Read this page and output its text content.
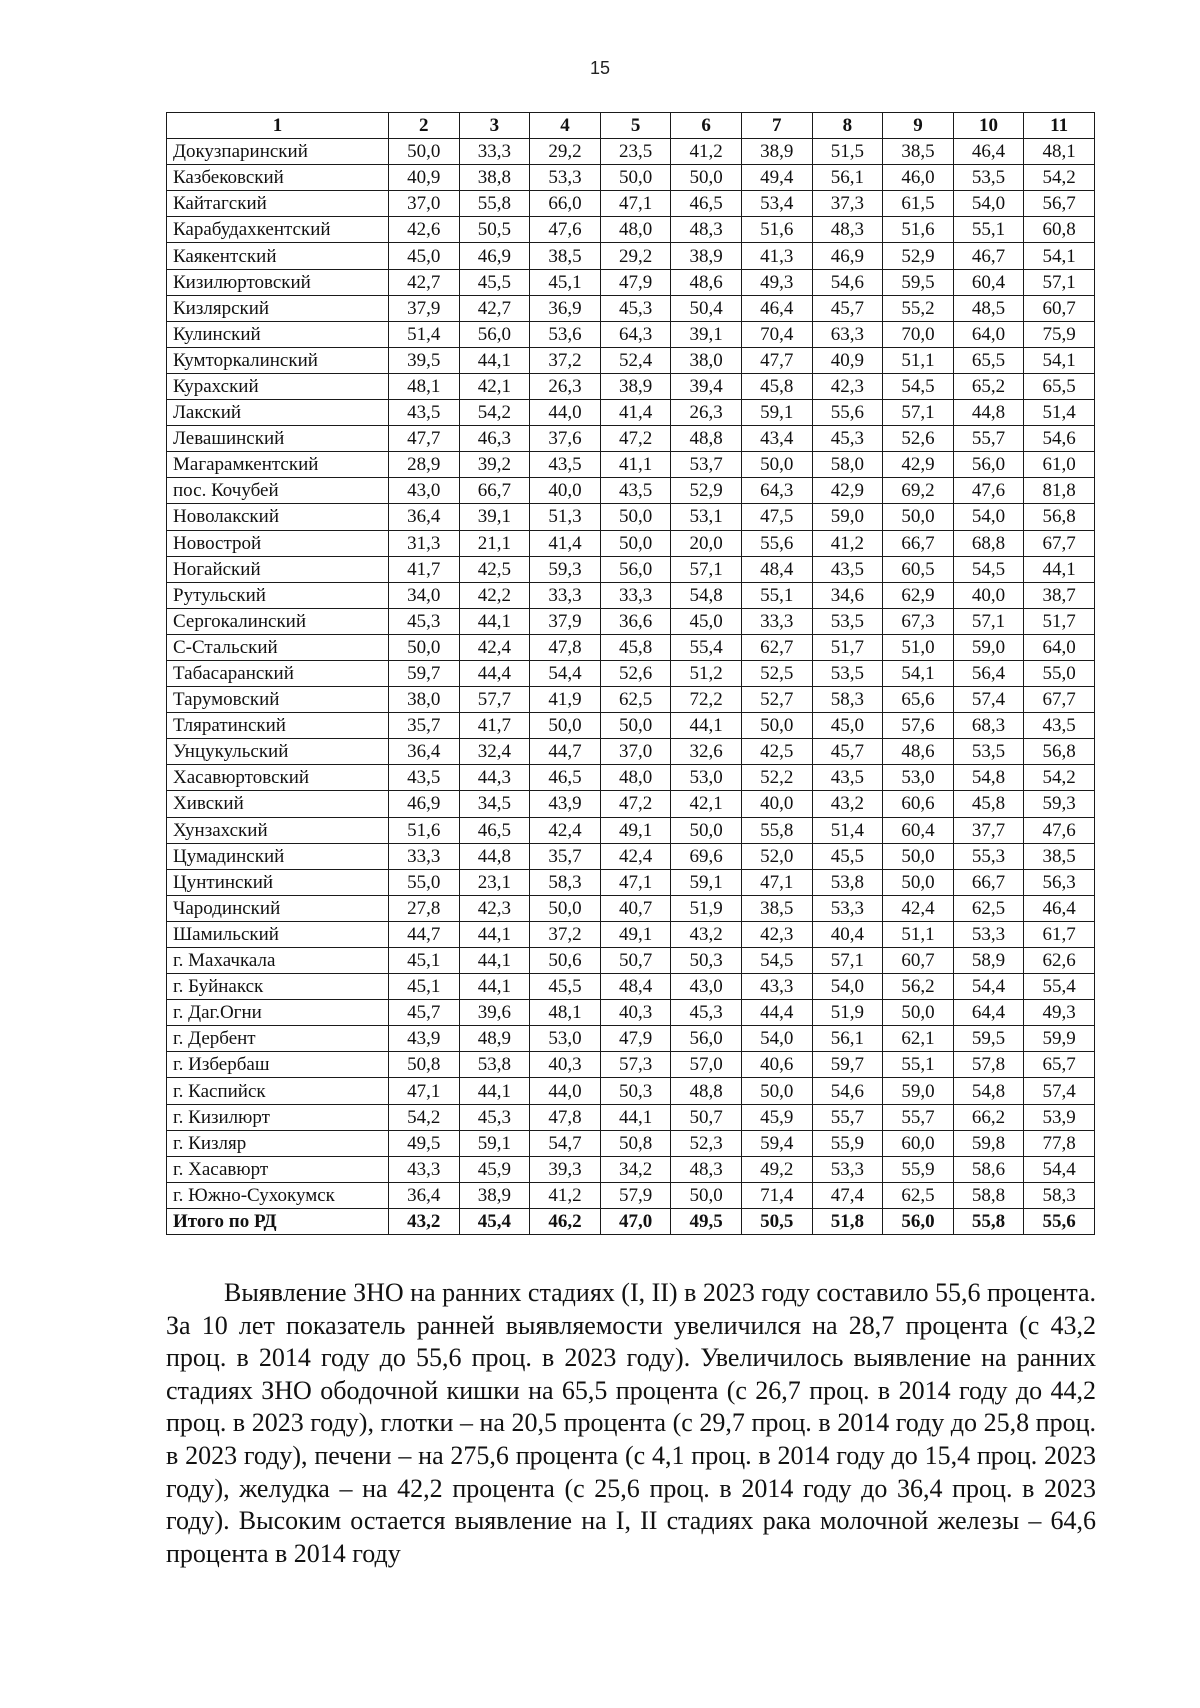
15
1	2	3	4	5	6	7	8	9	10	11
Докузпаринский	50,0	33,3	29,2	23,5	41,2	38,9	51,5	38,5	46,4	48,1
Казбековский	40,9	38,8	53,3	50,0	50,0	49,4	56,1	46,0	53,5	54,2
Кайтагский	37,0	55,8	66,0	47,1	46,5	53,4	37,3	61,5	54,0	56,7
Карабудахкентский	42,6	50,5	47,6	48,0	48,3	51,6	48,3	51,6	55,1	60,8
Каякентский	45,0	46,9	38,5	29,2	38,9	41,3	46,9	52,9	46,7	54,1
Кизилюртовский	42,7	45,5	45,1	47,9	48,6	49,3	54,6	59,5	60,4	57,1
Кизлярский	37,9	42,7	36,9	45,3	50,4	46,4	45,7	55,2	48,5	60,7
Кулинский	51,4	56,0	53,6	64,3	39,1	70,4	63,3	70,0	64,0	75,9
Кумторкалинский	39,5	44,1	37,2	52,4	38,0	47,7	40,9	51,1	65,5	54,1
Курахский	48,1	42,1	26,3	38,9	39,4	45,8	42,3	54,5	65,2	65,5
Лакский	43,5	54,2	44,0	41,4	26,3	59,1	55,6	57,1	44,8	51,4
Левашинский	47,7	46,3	37,6	47,2	48,8	43,4	45,3	52,6	55,7	54,6
Магарамкентский	28,9	39,2	43,5	41,1	53,7	50,0	58,0	42,9	56,0	61,0
пос. Кочубей	43,0	66,7	40,0	43,5	52,9	64,3	42,9	69,2	47,6	81,8
Новолакский	36,4	39,1	51,3	50,0	53,1	47,5	59,0	50,0	54,0	56,8
Новострой	31,3	21,1	41,4	50,0	20,0	55,6	41,2	66,7	68,8	67,7
Ногайский	41,7	42,5	59,3	56,0	57,1	48,4	43,5	60,5	54,5	44,1
Рутульский	34,0	42,2	33,3	33,3	54,8	55,1	34,6	62,9	40,0	38,7
Сергокалинский	45,3	44,1	37,9	36,6	45,0	33,3	53,5	67,3	57,1	51,7
С-Стальский	50,0	42,4	47,8	45,8	55,4	62,7	51,7	51,0	59,0	64,0
Табасаранский	59,7	44,4	54,4	52,6	51,2	52,5	53,5	54,1	56,4	55,0
Тарумовский	38,0	57,7	41,9	62,5	72,2	52,7	58,3	65,6	57,4	67,7
Тляратинский	35,7	41,7	50,0	50,0	44,1	50,0	45,0	57,6	68,3	43,5
Унцукульский	36,4	32,4	44,7	37,0	32,6	42,5	45,7	48,6	53,5	56,8
Хасавюртовский	43,5	44,3	46,5	48,0	53,0	52,2	43,5	53,0	54,8	54,2
Хивский	46,9	34,5	43,9	47,2	42,1	40,0	43,2	60,6	45,8	59,3
Хунзахский	51,6	46,5	42,4	49,1	50,0	55,8	51,4	60,4	37,7	47,6
Цумадинский	33,3	44,8	35,7	42,4	69,6	52,0	45,5	50,0	55,3	38,5
Цунтинский	55,0	23,1	58,3	47,1	59,1	47,1	53,8	50,0	66,7	56,3
Чародинский	27,8	42,3	50,0	40,7	51,9	38,5	53,3	42,4	62,5	46,4
Шамильский	44,7	44,1	37,2	49,1	43,2	42,3	40,4	51,1	53,3	61,7
г. Махачкала	45,1	44,1	50,6	50,7	50,3	54,5	57,1	60,7	58,9	62,6
г. Буйнакск	45,1	44,1	45,5	48,4	43,0	43,3	54,0	56,2	54,4	55,4
г. Даг.Огни	45,7	39,6	48,1	40,3	45,3	44,4	51,9	50,0	64,4	49,3
г. Дербент	43,9	48,9	53,0	47,9	56,0	54,0	56,1	62,1	59,5	59,9
г. Избербаш	50,8	53,8	40,3	57,3	57,0	40,6	59,7	55,1	57,8	65,7
г. Каспийск	47,1	44,1	44,0	50,3	48,8	50,0	54,6	59,0	54,8	57,4
г. Кизилюрт	54,2	45,3	47,8	44,1	50,7	45,9	55,7	55,7	66,2	53,9
г. Кизляр	49,5	59,1	54,7	50,8	52,3	59,4	55,9	60,0	59,8	77,8
г. Хасавюрт	43,3	45,9	39,3	34,2	48,3	49,2	53,3	55,9	58,6	54,4
г. Южно-Сухокумск	36,4	38,9	41,2	57,9	50,0	71,4	47,4	62,5	58,8	58,3
Итого по РД	43,2	45,4	46,2	47,0	49,5	50,5	51,8	56,0	55,8	55,6

Выявление ЗНО на ранних стадиях (I, II) в 2023 году составило 55,6 процента. За 10 лет показатель ранней выявляемости увеличился на 28,7 процента (с 43,2 проц. в 2014 году до 55,6 проц. в 2023 году). Увеличилось выявление на ранних стадиях ЗНО ободочной кишки на 65,5 процента (с 26,7 проц. в 2014 году до 44,2 проц. в 2023 году), глотки – на 20,5 процента (с 29,7 проц. в 2014 году до 25,8 проц. в 2023 году), печени – на 275,6 процента (с 4,1 проц. в 2014 году до 15,4 проц. 2023 году), желудка – на 42,2 процента (с 25,6 проц. в 2014 году до 36,4 проц. в 2023 году). Высоким остается выявление на I, II стадиях рака молочной железы – 64,6 процента в 2014 году
